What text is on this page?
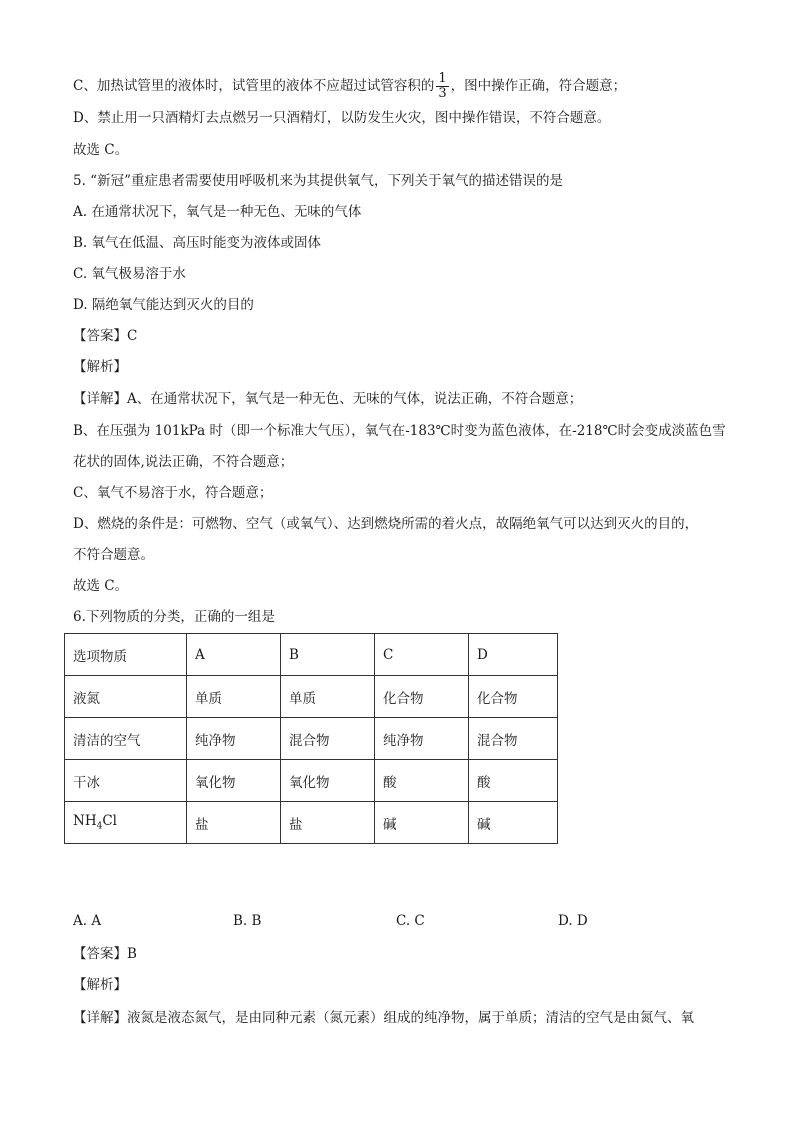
C、加热试管里的液体时，试管里的液体不应超过试管容积的 $\frac{1}{3}$ ，图中操作正确，符合题意；
D、禁止用一只酒精灯去点燃另一只酒精灯，以防发生火灾，图中操作错误，不符合题意。
故选 C。
5. “新冠”重症患者需要使用呼吸机来为其提供氧气，下列关于氧气的描述错误的是
A. 在通常状况下，氧气是一种无色、无味的气体
B. 氧气在低温、高压时能变为液体或固体
C. 氧气极易溶于水
D. 隔绝氧气能达到灭火的目的
【答案】C
【解析】
【详解】A、在通常状况下，氧气是一种无色、无味的气体，说法正确，不符合题意；
B、在压强为 101kPa 时（即一个标准大气压），氧气在-183℃时变为蓝色液体，在-218℃时会变成淡蓝色雪
花状的固体,说法正确，不符合题意；
C、氧气不易溶于水，符合题意；
D、燃烧的条件是：可燃物、空气（或氧气）、达到燃烧所需的着火点，故隔绝氧气可以达到灭火的目的，
不符合题意。
故选 C。
6.下列物质的分类，正确的一组是
选项物质	A	B	C	D
液氮	单质	单质	化合物	化合物
清洁的空气	纯净物	混合物	纯净物	混合物
干冰	氧化物	氧化物	酸	酸
$NH_4Cl$	盐	盐	碱	碱
A. A	B. B	C. C	D. D
【答案】B
【解析】
【详解】液氮是液态氮气，是由同种元素（氮元素）组成的纯净物，属于单质；清洁的空气是由氮气、氧
